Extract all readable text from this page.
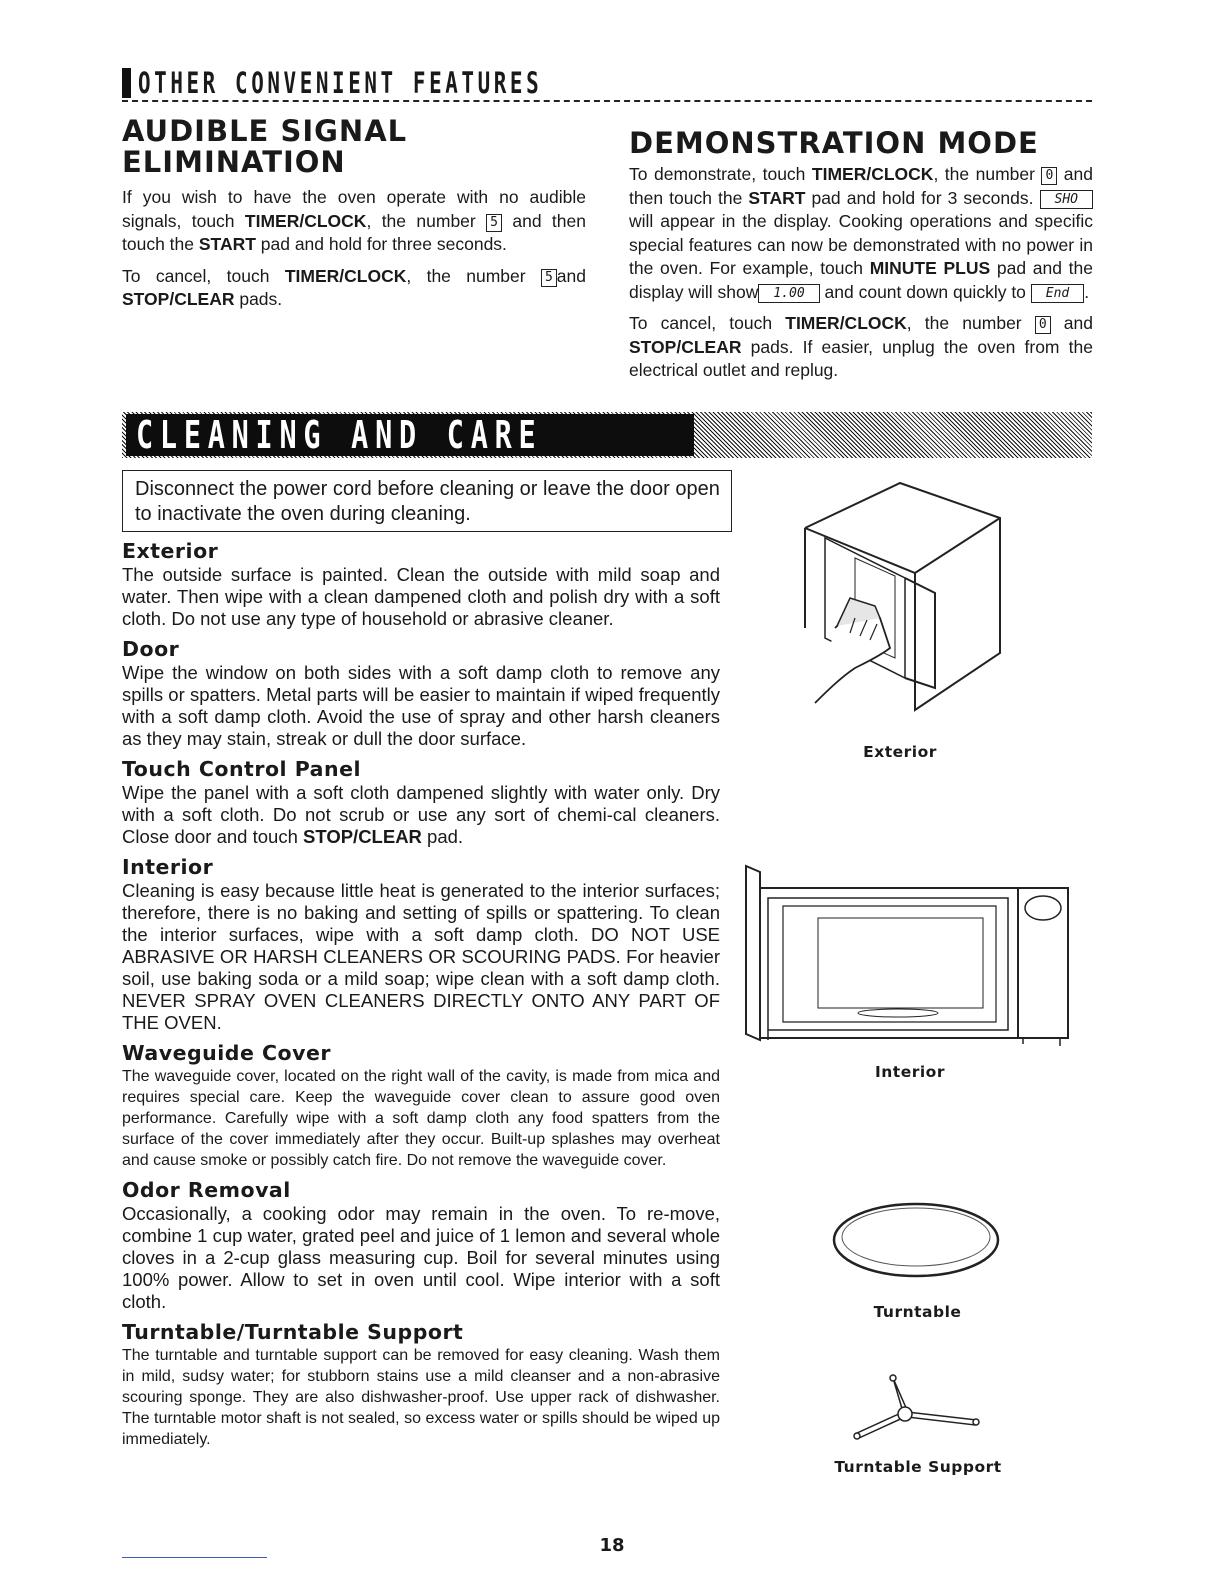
OTHER CONVENIENT FEATURES
AUDIBLE SIGNAL ELIMINATION

If you wish to have the oven operate with no audible signals, touch TIMER/CLOCK, the number 5 and then touch the START pad and hold for three seconds.

To cancel, touch TIMER/CLOCK, the number 5 and STOP/CLEAR pads.

DEMONSTRATION MODE

To demonstrate, touch TIMER/CLOCK, the number 0 and then touch the START pad and hold for 3 seconds. SHO will appear in the display. Cooking operations and specific special features can now be demonstrated with no power in the oven. For example, touch MINUTE PLUS pad and the display will show 1.00 and count down quickly to End .

To cancel, touch TIMER/CLOCK, the number 0 and STOP/CLEAR pads. If easier, unplug the oven from the electrical outlet and replug.

CLEANING AND CARE
Disconnect the power cord before cleaning or leave the door open to inactivate the oven during cleaning.
Exterior

The outside surface is painted. Clean the outside with mild soap and water. Then wipe with a clean dampened cloth and polish dry with a soft cloth. Do not use any type of household or abrasive cleaner.

Door

Wipe the window on both sides with a soft damp cloth to remove any spills or spatters. Metal parts will be easier to maintain if wiped frequently with a soft damp cloth. Avoid the use of spray and other harsh cleaners as they may stain, streak or dull the door surface.

Touch Control Panel

Wipe the panel with a soft cloth dampened slightly with water only. Dry with a soft cloth. Do not scrub or use any sort of chemi-cal cleaners. Close door and touch STOP/CLEAR pad.

Interior

Cleaning is easy because little heat is generated to the interior surfaces; therefore, there is no baking and setting of spills or spattering. To clean the interior surfaces, wipe with a soft damp cloth. DO NOT USE ABRASIVE OR HARSH CLEANERS OR SCOURING PADS. For heavier soil, use baking soda or a mild soap; wipe clean with a soft damp cloth. NEVER SPRAY OVEN CLEANERS DIRECTLY ONTO ANY PART OF THE OVEN.

Waveguide Cover

The waveguide cover, located on the right wall of the cavity, is made from mica and requires special care. Keep the waveguide cover clean to assure good oven performance. Carefully wipe with a soft damp cloth any food spatters from the surface of the cover immediately after they occur. Built-up splashes may overheat and cause smoke or possibly catch fire. Do not remove the waveguide cover.

Odor Removal

Occasionally, a cooking odor may remain in the oven. To re-move, combine 1 cup water, grated peel and juice of 1 lemon and several whole cloves in a 2-cup glass measuring cup. Boil for several minutes using 100% power. Allow to set in oven until cool. Wipe interior with a soft cloth.

Turntable/Turntable Support

The turntable and turntable support can be removed for easy cleaning. Wash them in mild, sudsy water; for stubborn stains use a mild cleanser and a non-abrasive scouring sponge. They are also dishwasher-proof. Use upper rack of dishwasher. The turntable motor shaft is not sealed, so excess water or spills should be wiped up immediately.

Exterior
Interior
Turntable
Turntable Support
18
